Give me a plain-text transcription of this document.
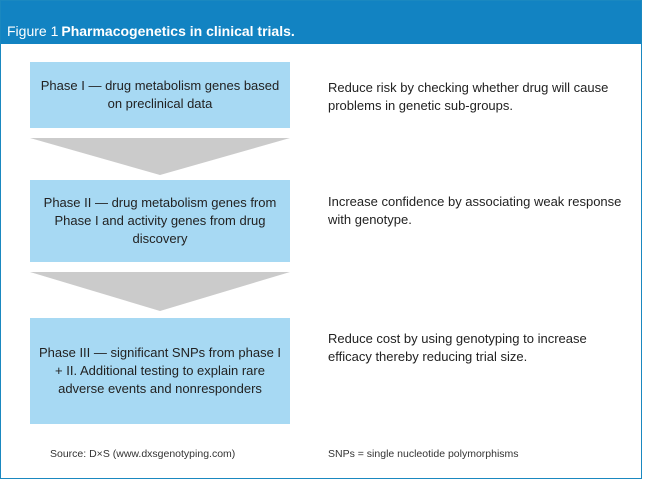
Figure 1 Pharmacogenetics in clinical trials.
Phase I — drug metabolism genes based on preclinical data
Phase II — drug metabolism genes from Phase I and activity genes from drug discovery
Phase III — significant SNPs from phase I + II. Additional testing to explain rare adverse events and nonresponders
Reduce risk by checking whether drug will cause problems in genetic sub-groups.
Increase confidence by associating weak response with genotype.
Reduce cost by using genotyping to increase efficacy thereby reducing trial size.
Source: D×S (www.dxsgenotyping.com)	SNPs = single nucleotide polymorphisms
